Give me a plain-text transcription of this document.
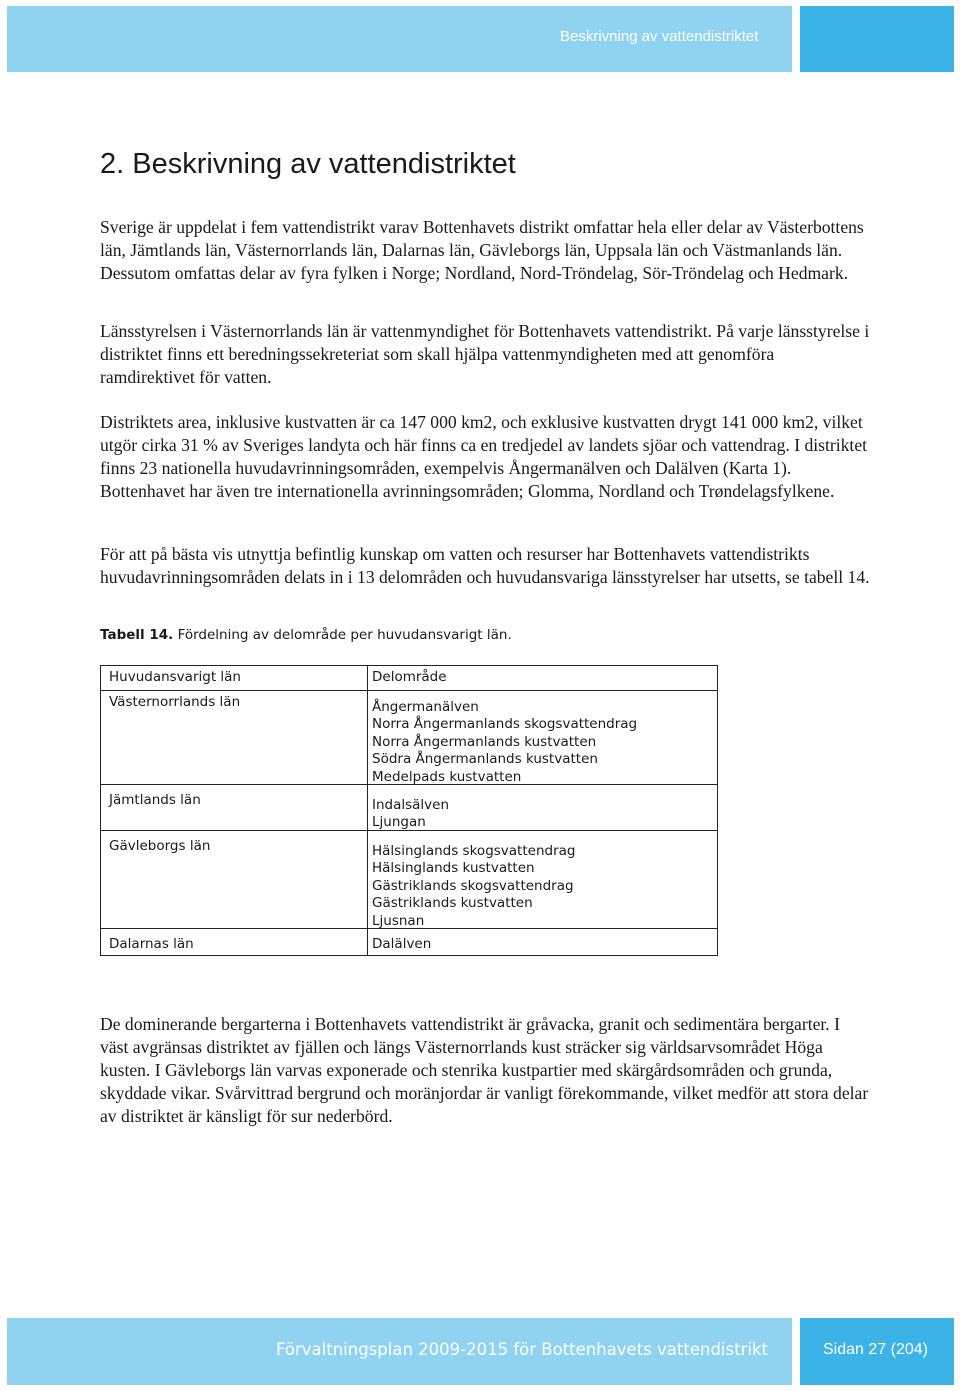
Beskrivning av vattendistriktet
2. Beskrivning av vattendistriktet

Sverige är uppdelat i fem vattendistrikt varav Bottenhavets distrikt omfattar hela eller delar av Västerbottens län, Jämtlands län, Västernorrlands län, Dalarnas län, Gävleborgs län, Uppsala län och Västmanlands län. Dessutom omfattas delar av fyra fylken i Norge; Nordland, Nord-Tröndelag, Sör-Tröndelag och Hedmark.

Länsstyrelsen i Västernorrlands län är vattenmyndighet för Bottenhavets vattendistrikt. På varje länsstyrelse i distriktet finns ett beredningssekreteriat som skall hjälpa vattenmyndigheten med att genomföra ramdirektivet för vatten.

Distriktets area, inklusive kustvatten är ca 147 000 km2, och exklusive kustvatten drygt 141 000 km2, vilket utgör cirka 31 % av Sveriges landyta och här finns ca en tredjedel av landets sjöar och vattendrag. I distriktet finns 23 nationella huvudavrinningsområden, exempelvis Ångermanälven och Dalälven (Karta 1). Bottenhavet har även tre internationella avrinningsområden; Glomma, Nordland och Trøndelagsfylkene.

För att på bästa vis utnyttja befintlig kunskap om vatten och resurser har Bottenhavets vattendistrikts huvudavrinningsområden delats in i 13 delområden och huvudansvariga länsstyrelser har utsetts, se tabell 14.

Tabell 14. Fördelning av delområde per huvudansvarigt län.

Huvudansvarigt län	Delområde
Västernorrlands län	Ångermanälven
Norra Ångermanlands skogsvattendrag
Norra Ångermanlands kustvatten
Södra Ångermanlands kustvatten
Medelpads kustvatten
Jämtlands län	Indalsälven
Ljungan
Gävleborgs län	Hälsinglands skogsvattendrag
Hälsinglands kustvatten
Gästriklands skogsvattendrag
Gästriklands kustvatten
Ljusnan
Dalarnas län	Dalälven

De dominerande bergarterna i Bottenhavets vattendistrikt är gråvacka, granit och sedimentära bergarter. I väst avgränsas distriktet av fjällen och längs Västernorrlands kust sträcker sig världsarvsområdet Höga kusten. I Gävleborgs län varvas exponerade och stenrika kustpartier med skärgårdsområden och grunda, skyddade vikar. Svårvittrad bergrund och moränjordar är vanligt förekommande, vilket medför att stora delar av distriktet är känsligt för sur nederbörd.

Förvaltningsplan 2009-2015 för Bottenhavets vattendistrikt	Sidan 27 (204)
